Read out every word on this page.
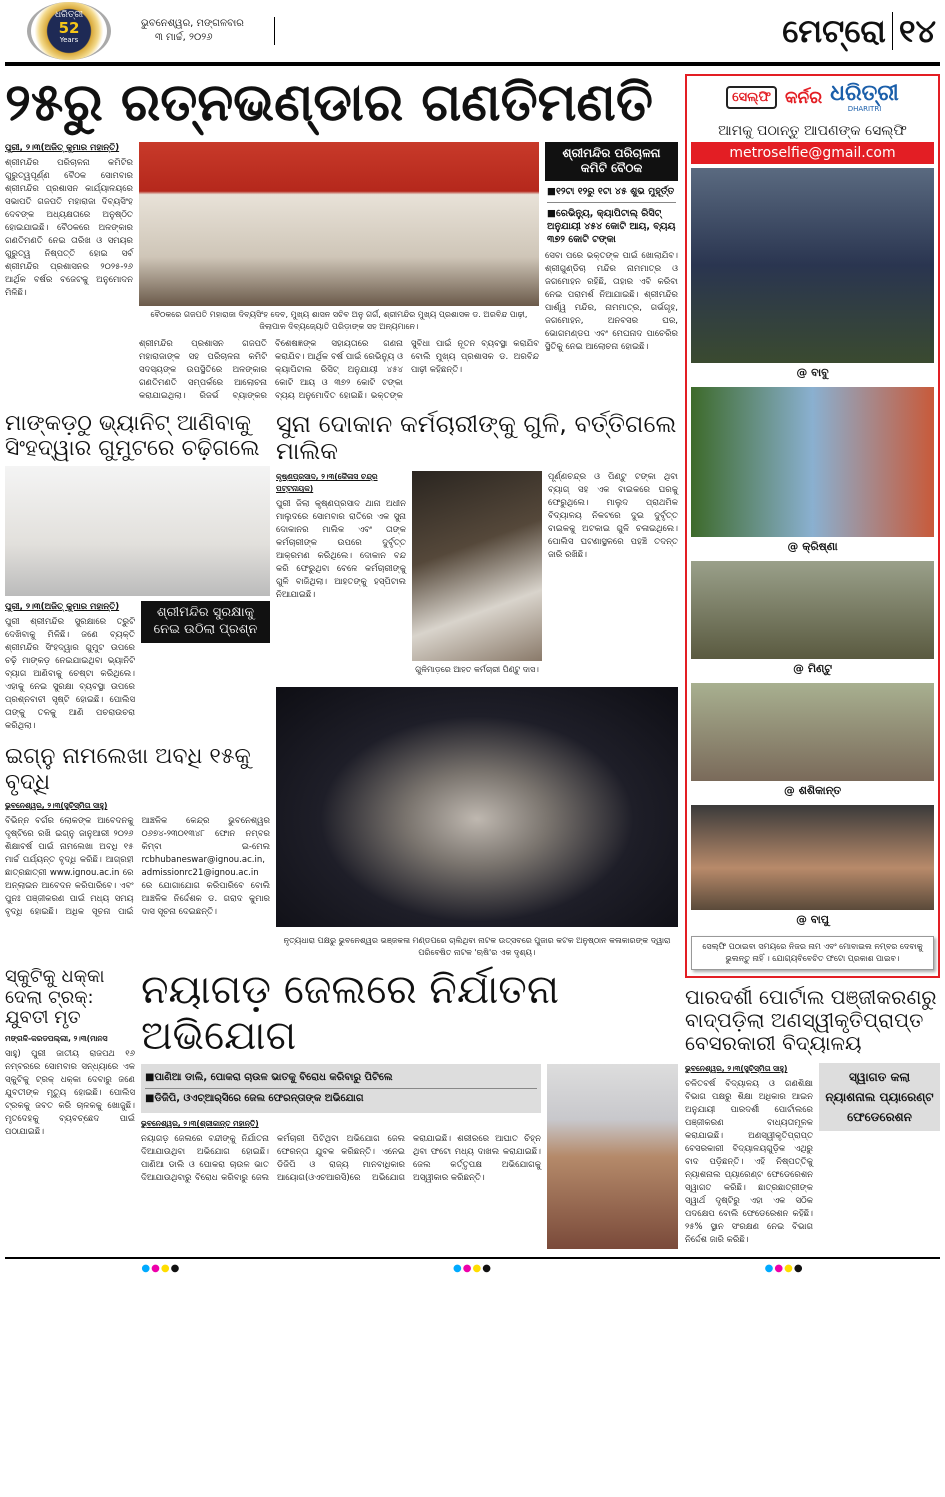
ଧରିତ୍ରୀ
52
Years
ଭୁବନେଶ୍ୱର, ମଙ୍ଗଳବାର
୩ ମାର୍ଚ୍ଚ, ୨୦୨୬	ମେଟ୍ରୋ ୧୪
୨୫ରୁ ରତ୍ନଭଣ୍ଡାର ଗଣତିମଣତି
ପୁରୀ, ୨।୩(ଅଜିତ୍ କୁମାର ମହାନ୍ତି)
ଶ୍ରୀମନ୍ଦିର ପରିଚାଳନା କମିଟିର ଗୁରୁତ୍ୱପୂର୍ଣ୍ଣ ବୈଠକ ସୋମବାର ଶ୍ରୀମନ୍ଦିର ପ୍ରଶାସନ କାର୍ଯ୍ୟାଳୟରେ ସଭାପତି ଗଜପତି ମହାରାଜା ଦିବ୍ୟସିଂହ ଦେବଙ୍କ ଅଧ୍ୟକ୍ଷତାରେ ଅନୁଷ୍ଠିତ ହୋଇଯାଇଛି। ବୈଠକରେ ଅଳଙ୍କାର ଗଣତିମଣତି ନେଇ ତାରିଖ ଓ ସମୟର ଗୁରୁତ୍ୱ ନିଷ୍ପତ୍ତି ହୋଇ ସର୍ବ ଶ୍ରୀମନ୍ଦିର ପ୍ରଶାସନର ୨୦୨୫-୨୬ ଆର୍ଥିକ ବର୍ଷର ବଜେଟକୁ ଅନୁମୋଦନ ମିଳିଛି।
ବୈଠକରେ ଗଜପତି ମହାରାଜା ଦିବ୍ୟସିଂହ ଦେବ, ମୁଖ୍ୟ ଶାସନ ସଚିବ ଅନୁ ଗର୍ଗ, ଶ୍ରୀମନ୍ଦିର ମୁଖ୍ୟ ପ୍ରଶାସକ ଡ. ଅରବିନ୍ଦ ପାଢ଼ୀ, ଜିଲାପାଳ ଦିବ୍ୟଜ୍ୟୋତି ପରିଡ଼ାଙ୍କ ସହ ଅନ୍ୟମାନେ।
ଶ୍ରୀମନ୍ଦିର ପ୍ରଶାସନ ଗଜପତି ମହାରାଜାଙ୍କ ସହ ପରିଚାଳନା କମିଟି ସଦସ୍ୟଙ୍କ ଉପସ୍ଥିତିରେ ଅଳଙ୍କାର ଗଣତିମଣତି ସମ୍ପର୍କରେ ଆଲୋଚନା କରାଯାଇଥିଲା। ରିଜର୍ଭ ବ୍ୟାଙ୍କର ବିଶେଷଜ୍ଞଙ୍କ ସହାୟତାରେ ଗଣନା କରାଯିବ। ଆର୍ଥିକ ବର୍ଷ ପାଇଁ ରେଭିନ୍ୟୁ ଓ କ୍ୟାପିଟାଲ ରିସିଟ୍ ଅନୁଯାୟୀ ୪୫୪ କୋଟି ଆୟ ଓ ୩୭୨ କୋଟି ଟଙ୍କା ବ୍ୟୟ ଅନୁମୋଦିତ ହୋଇଛି। ଭକ୍ତଙ୍କ ସୁବିଧା ପାଇଁ ନୂତନ ବ୍ୟବସ୍ଥା କରାଯିବ ବୋଲି ମୁଖ୍ୟ ପ୍ରଶାସକ ଡ. ଅରବିନ୍ଦ ପାଢ଼ୀ କହିଛନ୍ତି।
ଶ୍ରୀମନ୍ଦିର ପରିଚାଳନା କମିଟି ବୈଠକ
■୧୨ଟା ୧୨ରୁ ୧ଟା ୪୫ ଶୁଭ ମୁହୂର୍ତ୍ତ
■ରେଭିନ୍ୟୁ, କ୍ୟାପିଟାଲ୍ ରିସିଟ୍ ଅନୁଯାୟୀ ୪୫୪ କୋଟି ଆୟ, ବ୍ୟୟ ୩୭୨ କୋଟି ଟଙ୍କା
ସେବା ପରେ ଭକ୍ତଙ୍କ ପାଇଁ ଖୋଲାଯିବ। ଶ୍ରୀଗୁଣ୍ଡିଚା ମନ୍ଦିର ନାମମାତ୍ର ଓ ଜଗମୋହନ ରହିଛି, ତାହାର ଏବି କରିବା ନେଇ ପରାମର୍ଶ ନିଆଯାଇଛି। ଶ୍ରୀମନ୍ଦିର ପାର୍ଶ୍ୱ ମନ୍ଦିର, ନାମମାତ୍ର, ଗର୍ଭଗୃହ, ଜଗମୋହନ, ଅନବସର ଘର, ଭୋଗମଣ୍ଡପ ଏବଂ ମେଘନାଦ ପାଚେରିର ସ୍ଥିତିକୁ ନେଇ ଆଲୋଚନା ହୋଇଛି।
ମାଙ୍କଡ଼ଠୁ ଭ୍ୟାନିଟ୍ ଆଣିବାକୁ ସିଂହଦ୍ୱାର ଗୁମୁଟରେ ଚଢ଼ିଗଲେ
ପୁରୀ, ୨।୩(ଅଜିତ୍ କୁମାର ମହାନ୍ତି)
ପୁରୀ ଶ୍ରୀମନ୍ଦିର ସୁରକ୍ଷାରେ ତ୍ରୁଟି ଦେଖିବାକୁ ମିଳିଛି। ଜଣେ ବ୍ୟକ୍ତି ଶ୍ରୀମନ୍ଦିର ସିଂହଦ୍ୱାର ଗୁମୁଟ ଉପରେ ଚଢ଼ି ମାଙ୍କଡ଼ ନେଇଯାଇଥିବା ଭ୍ୟାନିଟି ବ୍ୟାଗ ଆଣିବାକୁ ଚେଷ୍ଟା କରିଥିଲେ। ଏହାକୁ ନେଇ ସୁରକ୍ଷା ବ୍ୟବସ୍ଥା ଉପରେ ପ୍ରଶ୍ନବାଚୀ ସୃଷ୍ଟି ହୋଇଛି। ପୋଲିସ ତାଙ୍କୁ ତଳକୁ ଆଣି ପଚରାଉଚରା କରିଥିଲା।
ଶ୍ରୀମନ୍ଦିର ସୁରକ୍ଷାକୁ ନେଇ ଉଠିଲା ପ୍ରଶ୍ନ
ଇଗ୍ନୁ ନାମଲେଖା ଅବଧି ୧୫କୁ ବୃଦ୍ଧି
ଭୁବନେଶ୍ୱର, ୨।୩(ସୁଚିସ୍ମିତା ସାହୁ)
ବିଭିନ୍ନ ବର୍ଗର ଲୋକଙ୍କ ଆବେଦନକୁ ଦୃଷ୍ଟିରେ ରଖି ଇଗ୍ନୁ ଜାନୁଆରୀ ୨୦୨୬ ଶିକ୍ଷାବର୍ଷ ପାଇଁ ନାମଲେଖା ଅବଧି ୧୫ ମାର୍ଚ୍ଚ ପର୍ଯ୍ୟନ୍ତ ବୃଦ୍ଧି କରିଛି। ଆଗ୍ରହୀ ଛାତ୍ରଛାତ୍ରୀ www.ignou.ac.in ରେ ଅନ୍ଲାଇନ ଆବେଦନ କରିପାରିବେ। ଏବଂ ପୁନଃ ପଞ୍ଜୀକରଣ ପାଇଁ ମଧ୍ୟ ସମୟ ବୃଦ୍ଧି ହୋଇଛି। ଅଧିକ ସୂଚନା ପାଇଁ ଆଞ୍ଚଳିକ କେନ୍ଦ୍ର ଭୁବନେଶ୍ୱର ୦୬୭୪-୨୩୦୧୩୪୮ ଫୋନ ନମ୍ବର କିମ୍ବା ଇ-ମେଲ rcbhubaneswar@ignou.ac.in, admissionrc21@ignou.ac.in ରେ ଯୋଗାଯୋଗ କରିପାରିବେ ବୋଲି ଆଞ୍ଚଳିକ ନିର୍ଦ୍ଦେଶକ ଡ. ଗରାଦ କୁମାର ଦାସ ସୂଚନା ଦେଇଛନ୍ତି।
ସୁନା ଦୋକାନ କର୍ମଚାରୀଙ୍କୁ ଗୁଳି, ବର୍ତ୍ତିଗଲେ ମାଲିକ
କୃଷ୍ଣପ୍ରସାଦ, ୨।୩(କୈଳାସ ଚନ୍ଦ୍ର ପଟ୍ଟନାୟକ)
ପୁରୀ ଜିଲା କୃଷ୍ଣପ୍ରସାଦ ଥାନା ଅଧୀନ ମାଲୁଦରେ ସୋମବାର ରାତିରେ ଏକ ସୁନା ଦୋକାନର ମାଲିକ ଏବଂ ତାଙ୍କ କର୍ମଚାରୀଙ୍କ ଉପରେ ଦୁର୍ବୃତ୍ତ ଆକ୍ରମଣ କରିଥିଲେ। ଦୋକାନ ବନ୍ଦ କରି ଫେରୁଥିବା ବେଳେ କର୍ମଚାରୀଙ୍କୁ ଗୁଳି ବାଜିଥିଲା। ଆହତଙ୍କୁ ହସ୍ପିଟାଲ ନିଆଯାଇଛି।
ଗୁଳିମାଡ଼ରେ ଆହତ କର୍ମଚାରୀ ପିଣ୍ଟୁ ଦାସ।
ପୂର୍ଣ୍ଣଚନ୍ଦ୍ର ଓ ପିଣ୍ଟୁ ଟଙ୍କା ଥିବା ବ୍ୟାଗ୍ ସହ ଏକ ବାଇକରେ ଘରକୁ ଫେରୁଥିଲେ। ମାଲୁଦ ପ୍ରାଥମିକ ବିଦ୍ୟାଳୟ ନିକଟରେ ଦୁଇ ଦୁର୍ବୃତ୍ତ ବାଇକକୁ ଅଟକାଇ ଗୁଳି ଚଳାଇଥିଲେ। ପୋଲିସ ଘଟଣାସ୍ଥଳରେ ପହଞ୍ଚି ତଦନ୍ତ ଜାରି ରଖିଛି।
ନୃତ୍ୟଧାରା ପକ୍ଷରୁ ଭୁବନେଶ୍ୱର ଭଞ୍ଜକଳା ମଣ୍ଡପରେ ଚାଲିଥିବା ନାଟକ ଉତ୍ସବରେ ପୁଜାର କଟକ ଅନୁଷ୍ଠାନ କଳାକାରଙ୍କ ଦ୍ୱାରା ପରିବେଷିତ ନାଟକ 'ଋଷି'ର ଏକ ଦୃଶ୍ୟ।
ସ୍କୁଟିକୁ ଧକ୍କା ଦେଲା ଟ୍ରକ୍: ଯୁବତୀ ମୃତ
ମଙ୍ଗଳି-କରଡପଲ୍ଲୀ, ୨।୩(ମାନସ
ସାହୁ) ପୁରୀ ଜାତୀୟ ରାଜପଥ ୧୬ ନମ୍ବରରେ ସୋମବାର ସନ୍ଧ୍ୟାରେ ଏକ ସ୍କୁଟିକୁ ଟ୍ରକ୍ ଧକ୍କା ଦେବାରୁ ଜଣେ ଯୁବତୀଙ୍କ ମୃତ୍ୟୁ ହୋଇଛି। ପୋଲିସ ଟ୍ରକକୁ ଜବତ କରି ଚାଳକକୁ ଖୋଜୁଛି। ମୃତଦେହକୁ ବ୍ୟବଚ୍ଛେଦ ପାଇଁ ପଠାଯାଇଛି।
ନୟାଗଡ଼ ଜେଲରେ ନିର୍ଯାତନା ଅଭିଯୋଗ
■ପାଣିଆ ଡାଲି, ପୋକରା ଚାଉଳ ଭାତକୁ ବିରୋଧ କରିବାରୁ ପିଟିଲେ
■ଡିଜିପି, ଓଏଚ୍‌ଆର୍‌ସିରେ ଜେଲ ଫେରନ୍ତାଙ୍କ ଅଭିଯୋଗ
ଭୁବନେଶ୍ୱର, ୨।୩(ଶ୍ରୀକାନ୍ତ ମହାନ୍ତି)
ନୟାଗଡ଼ ଜେଲରେ ବନ୍ଦୀଙ୍କୁ ନିର୍ଯାତନା ଦିଆଯାଉଥିବା ଅଭିଯୋଗ ହୋଇଛି। ପାଣିଆ ଡାଲି ଓ ପୋକରା ଚାଉଳ ଭାତ ଦିଆଯାଉଥିବାରୁ ବିରୋଧ କରିବାରୁ ଜେଲ କର୍ମଚାରୀ ପିଟିଥିବା ଅଭିଯୋଗ ଜେଲ ଫେରନ୍ତା ଯୁବକ କରିଛନ୍ତି। ଏନେଇ ଡିଜିପି ଓ ରାଜ୍ୟ ମାନବାଧିକାର ଆୟୋଗ(ଓଏଚଆରସି)ରେ ଅଭିଯୋଗ କରାଯାଇଛି। ଶରୀରରେ ଆଘାତ ଚିହ୍ନ ଥିବା ଫଟୋ ମଧ୍ୟ ଦାଖଲ କରାଯାଇଛି। ଜେଲ କର୍ତ୍ତୃପକ୍ଷ ଅଭିଯୋଗକୁ ଅସ୍ୱୀକାର କରିଛନ୍ତି।
ସେଲ୍ଫି କର୍ନର ଧରିତ୍ରୀ
DHARITRI
ଆମକୁ ପଠାନ୍ତୁ ଆପଣଙ୍କ ସେଲ୍ଫି
metroselfie@gmail.com
@ ବାବୁ
@ କ୍ରିଷ୍ଣା
@ ମିଣ୍ଟୁ
@ ଶଶିକାନ୍ତ
@ ବାପୁ
ସେଲ୍ଫି ପଠାଇବା ସମୟରେ ନିଜର ନାମ ଏବଂ ମୋବାଇଲ ନମ୍ବର ଦେବାକୁ ଭୁଲନ୍ତୁ ନାହିଁ । ଯୋଗ୍ୟବିବେଚିତ ଫଟୋ ପ୍ରକାଶ ପାଇବ।
ପାରଦର୍ଶୀ ପୋର୍ଟାଲ ପଞ୍ଜୀକରଣରୁ ବାଦ୍‌ପଡ଼ିଲା ଅଣସ୍ୱୀକୃତିପ୍ରାପ୍ତ ବେସରକାରୀ ବିଦ୍ୟାଳୟ
ଭୁବନେଶ୍ୱର, ୨।୩(ସୁଚିସ୍ମିତା ସାହୁ)
ଚଳିତବର୍ଷ ବିଦ୍ୟାଳୟ ଓ ଗଣଶିକ୍ଷା ବିଭାଗ ପକ୍ଷରୁ ଶିକ୍ଷା ଅଧିକାର ଆଇନ ଅନୁଯାୟୀ ପାରଦର୍ଶୀ ପୋର୍ଟାଲରେ ପଞ୍ଜୀକରଣ ବାଧ୍ୟତାମୂଳକ କରାଯାଇଛି। ଅଣସ୍ୱୀକୃତିପ୍ରାପ୍ତ ବେସରକାରୀ ବିଦ୍ୟାଳୟଗୁଡ଼ିକ ଏଥିରୁ ବାଦ ପଡ଼ିଛନ୍ତି। ଏହି ନିଷ୍ପତ୍ତିକୁ ନ୍ୟାଶନାଲ ପ୍ୟାରେଣ୍ଟ ଫେଡେରେଶନ ସ୍ୱାଗତ କରିଛି। ଛାତ୍ରଛାତ୍ରୀଙ୍କ ସ୍ୱାର୍ଥ ଦୃଷ୍ଟିରୁ ଏହା ଏକ ସଠିକ ପଦକ୍ଷେପ ବୋଲି ଫେଡେରେଶନ କହିଛି। ୨୫% ସ୍ଥାନ ସଂରକ୍ଷଣ ନେଇ ବିଭାଗ ନିର୍ଦ୍ଦେଶ ଜାରି କରିଛି।
ସ୍ୱାଗତ କଲା ନ୍ୟାଶନାଲ ପ୍ୟାରେଣ୍ଟ ଫେଡେରେଶନ
●●●●	●●●●	●●●●
